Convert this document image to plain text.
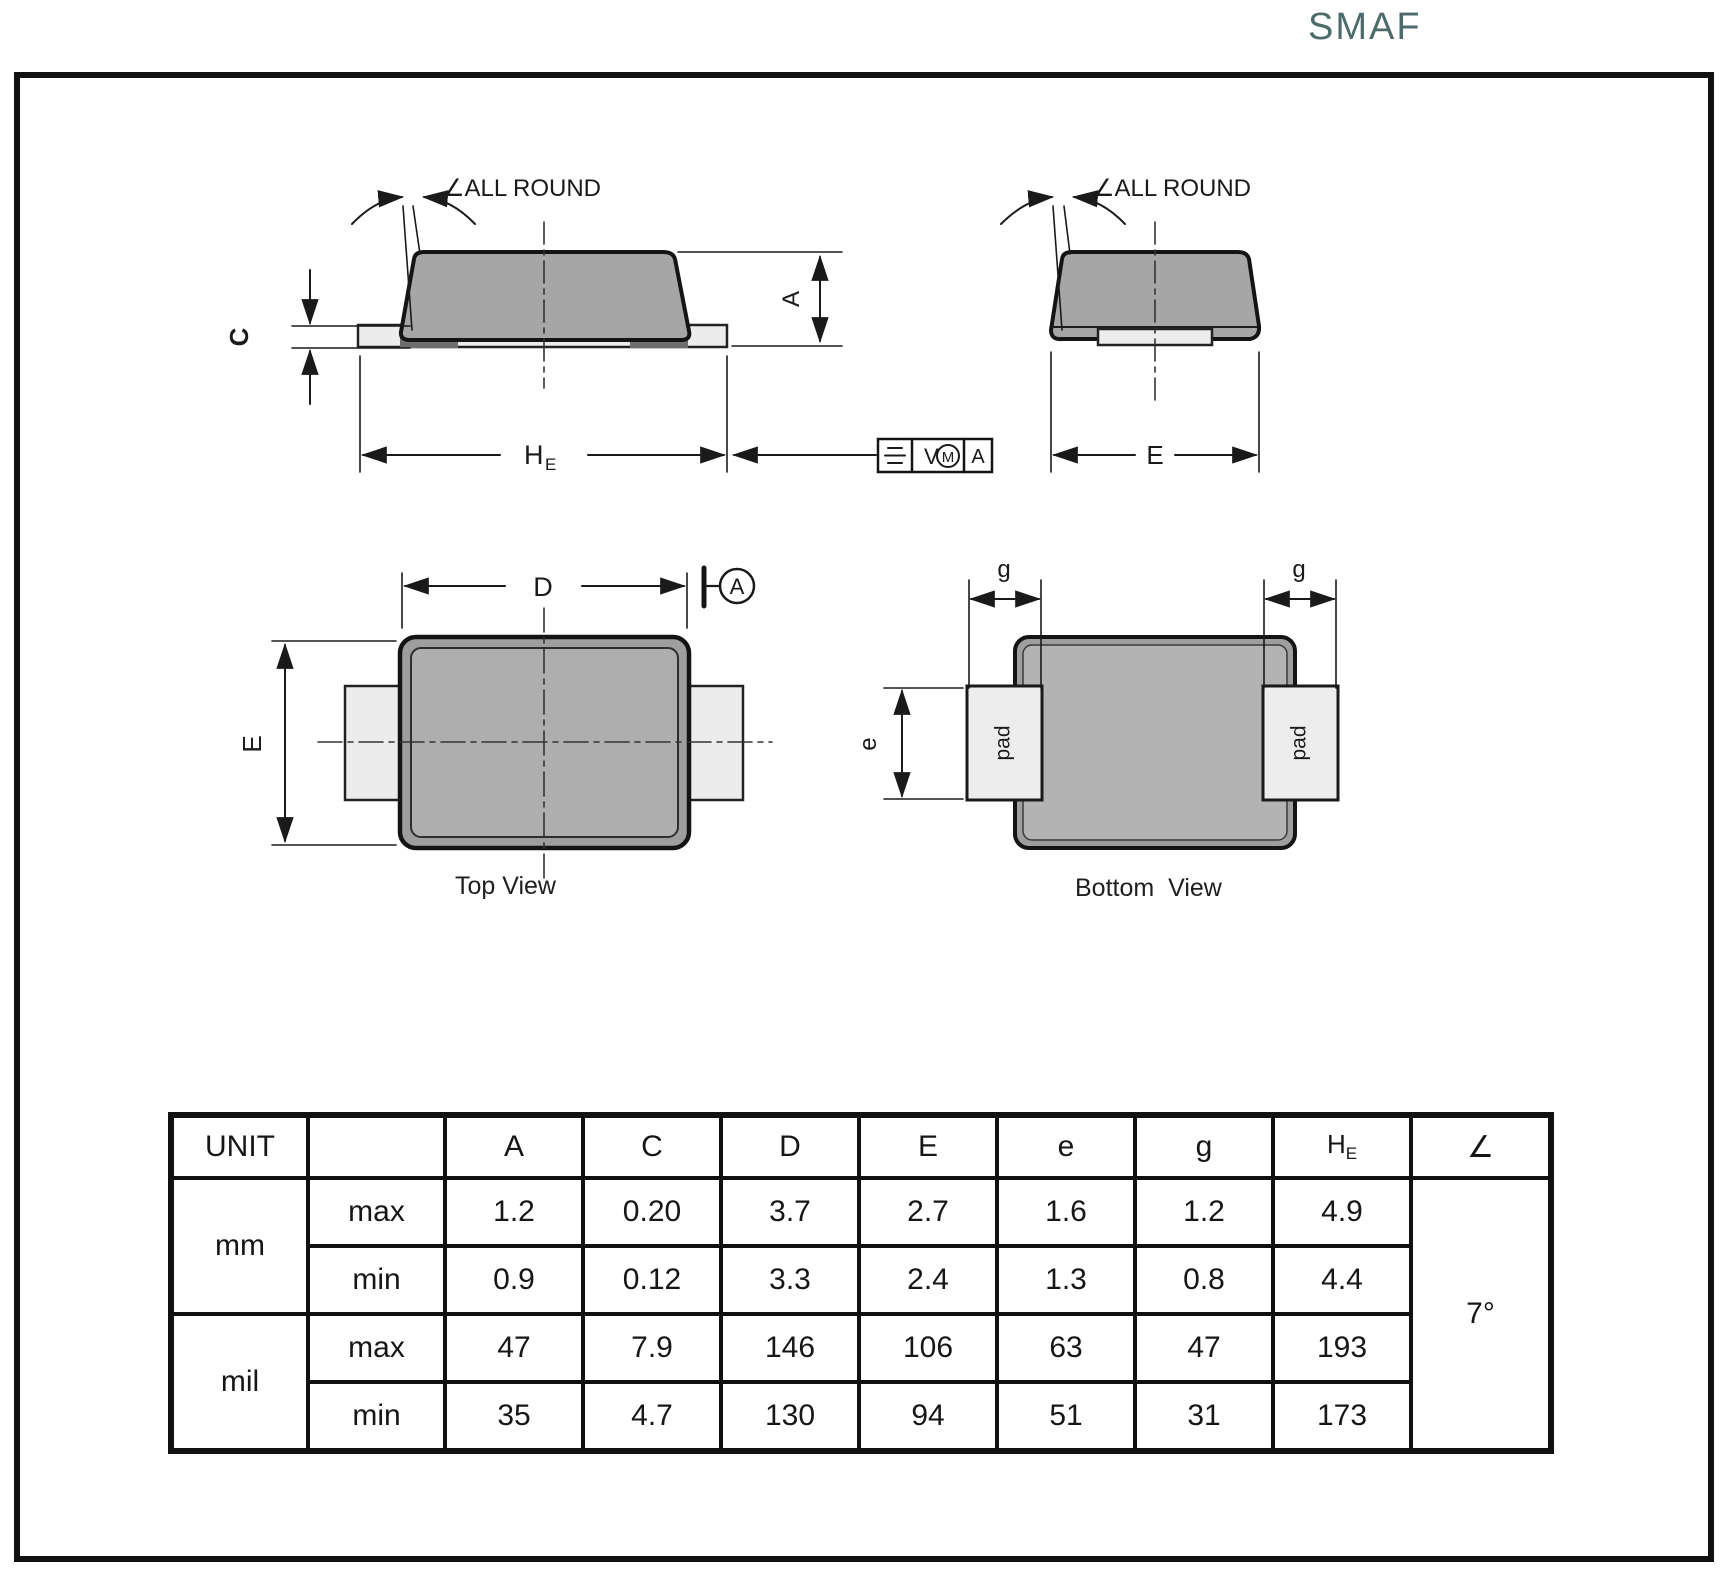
SMAF
∠ALL ROUND
C
A
H E	V M A
∠ALL ROUND
E
D	A
E	pad	pad
g	g
e
Top View	Bottom  View
UNIT		A	C	D	E	e	g	$H_E$	∠
mm	max	1.2	0.20	3.7	2.7	1.6	1.2	4.9	7°
	min	0.9	0.12	3.3	2.4	1.3	0.8	4.4	
mil	max	47	7.9	146	106	63	47	193	
	min	35	4.7	130	94	51	31	173	
